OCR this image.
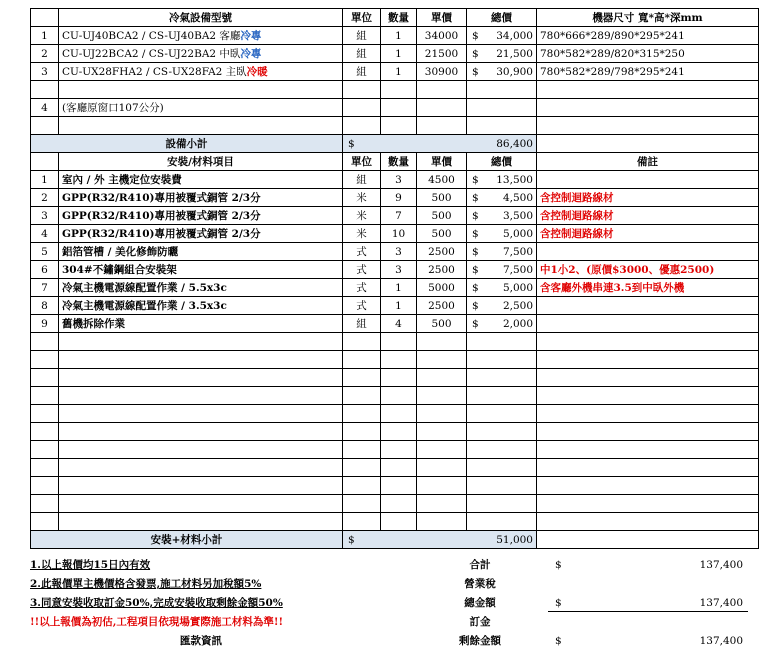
	冷氣設備型號	單位	數量	單價	總價	機器尺寸 寬*高*深mm
1	CU-UJ40BCA2 / CS-UJ40BA2 客廳冷專	組	1	34000	$ 34,000	780*666*289/890*295*241
2	CU-UJ22BCA2 / CS-UJ22BA2 中臥冷專	組	1	21500	$ 21,500	780*582*289/820*315*250
3	CU-UX28FHA2 / CS-UX28FA2 主臥冷暖	組	1	30900	$ 30,900	780*582*289/798*295*241

4	(客廳原窗口107公分)					

設備小計		$ 86,400				

	安裝/材料項目	單位	數量	單價	總價	備註
1	室內 / 外 主機定位安裝費	組	3	4500	$ 13,500	

2	GPP(R32/R410)專用被覆式銅管 2/3分	米	9	500	$ 4,500	含控制迴路線材
3	GPP(R32/R410)專用被覆式銅管 2/3分	米	7	500	$ 3,500	含控制迴路線材
4	GPP(R32/R410)專用被覆式銅管 2/3分	米	10	500	$ 5,000	含控制迴路線材
5	鋁箔管槽 / 美化修飾防曬	式	3	2500	$ 7,500	

6	304#不鏽鋼組合安裝架	式	3	2500	$ 7,500	中1小2、(原價$3000、優惠2500)
7	冷氣主機電源線配置作業 / 5.5x3c	式	1	5000	$ 5,000	含客廳外機串連3.5到中臥外機
8	冷氣主機電源線配置作業 / 3.5x3c	式	1	2500	$ 2,500	

9	舊機拆除作業	組	4	500	$ 2,000	

安裝+材料小計		$ 51,000				

1.以上報價均15日內有效
2.此報價單主機價格含發票,施工材料另加稅額5%
3.同意安裝收取訂金50%,完成安裝收取剩餘金額50%
!!以上報價為初估,工程項目依現場實際施工材料為準!!
匯款資訊
合計	$	137,400
營業稅
總金額	$	137,400
訂金
剩餘金額	$	137,400
